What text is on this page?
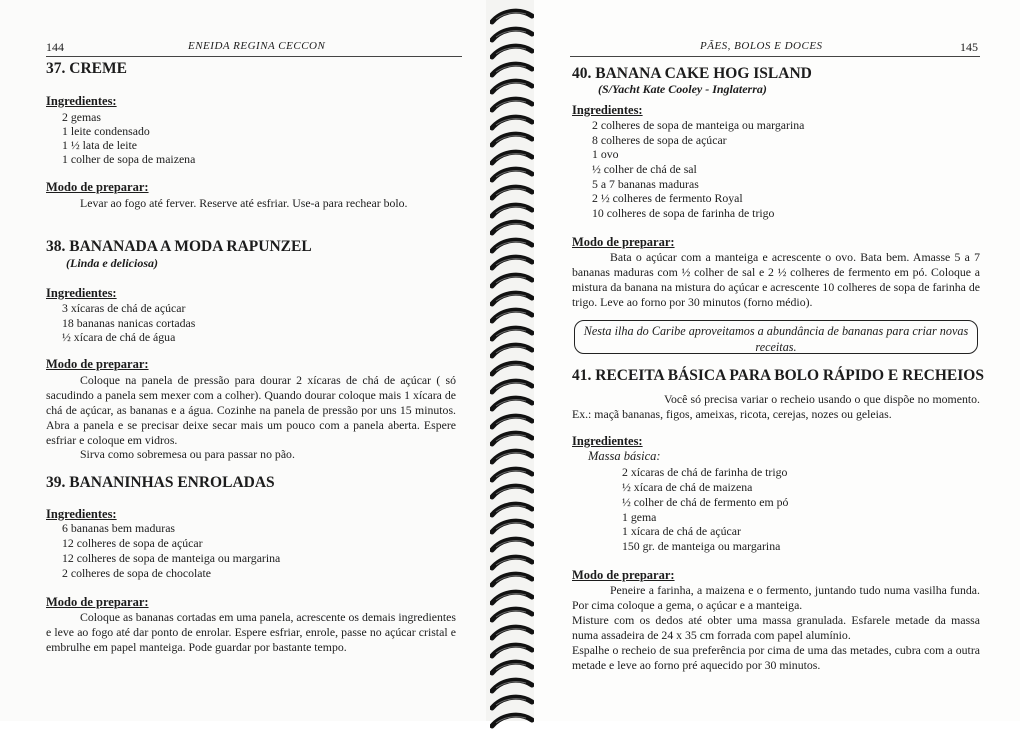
144	ENEIDA REGINA CECCON
37. CREME
Ingredientes:
2 gemas
1 leite condensado
1 ½ lata de leite
1 colher de sopa de maizena
Modo de preparar:
Levar ao fogo até ferver. Reserve até esfriar. Use-a para rechear bolo.
38. BANANADA A MODA RAPUNZEL
(Linda e deliciosa)
Ingredientes:
3 xícaras de chá de açúcar
18 bananas nanicas cortadas
½ xícara de chá de água
Modo de preparar:
Coloque na panela de pressão para dourar 2 xícaras de chá de açúcar ( só sacudindo a panela sem mexer com a colher). Quando dourar coloque mais 1 xícara de chá de açúcar, as bananas e a água. Cozinhe na panela de pressão por uns 15 minutos. Abra a panela e se precisar deixe secar mais um pouco com a panela aberta. Espere esfriar e coloque em vidros.
Sirva como sobremesa ou para passar no pão.
39. BANANINHAS ENROLADAS
Ingredientes:
6 bananas bem maduras
12 colheres de sopa de açúcar
12 colheres de sopa de manteiga ou margarina
2 colheres de sopa de chocolate
Modo de preparar:
Coloque as bananas cortadas em uma panela, acrescente os demais ingredientes e leve ao fogo até dar ponto de enrolar. Espere esfriar, enrole, passe no açúcar cristal e embrulhe em papel manteiga. Pode guardar por bastante tempo.
PÃES, BOLOS E DOCES	145
40. BANANA CAKE HOG ISLAND
(S/Yacht Kate Cooley - Inglaterra)
Ingredientes:
2 colheres de sopa de manteiga ou margarina
8 colheres de sopa de açúcar
1 ovo
½ colher de chá de sal
5 a 7 bananas maduras
2 ½ colheres de fermento Royal
10 colheres de sopa de farinha de trigo
Modo de preparar:
Bata o açúcar com a manteiga e acrescente o ovo. Bata bem. Amasse 5 a 7 bananas maduras com ½ colher de sal e 2 ½ colheres de fermento em pó. Coloque a mistura da banana na mistura do açúcar e acrescente 10 colheres de sopa de farinha de trigo. Leve ao forno por 30 minutos (forno médio).
41. RECEITA BÁSICA PARA BOLO RÁPIDO E RECHEIOS
Você só precisa variar o recheio usando o que dispõe no momento. Ex.: maçã bananas, figos, ameixas, ricota, cerejas, nozes ou geleias.
Ingredientes:
Massa básica:
2 xícaras de chá de farinha de trigo
½ xícara de chá de maizena
½ colher de chá de fermento em pó
1 gema
1 xícara de chá de açúcar
150 gr. de manteiga ou margarina
Modo de preparar:
Peneire a farinha, a maizena e o fermento, juntando tudo numa vasilha funda. Por cima coloque a gema, o açúcar e a manteiga.
Misture com os dedos até obter uma massa granulada. Esfarele metade da massa numa assadeira de 24 x 35 cm forrada com papel alumínio.
Espalhe o recheio de sua preferência por cima de uma das metades, cubra com a outra metade e leve ao forno pré aquecido por 30 minutos.
Nesta ilha do Caribe aproveitamos a abundância de bananas para criar novas receitas.
